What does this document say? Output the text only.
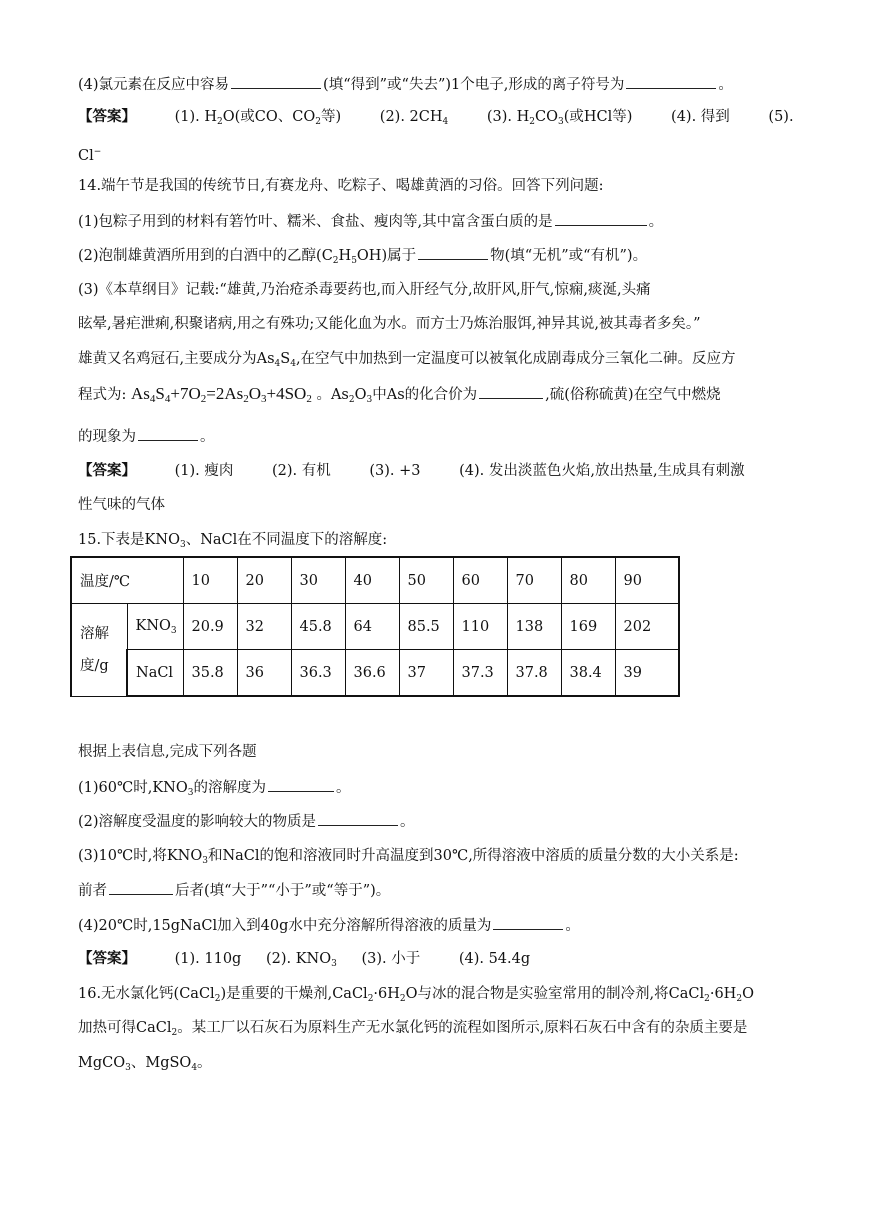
(4)氯元素在反应中容易	(填“得到”或“失去”)1个电子,形成的离子符号为	。
【答案】	(1). $H_2O$(或CO、$CO_2$等)	(2). $2CH_4$	(3). $H_2CO_3$(或HCl等)	(4). 得到	(5).
Cl−
14.端午节是我国的传统节日,有赛龙舟、吃粽子、喝雄黄酒的习俗。回答下列问题:
(1)包粽子用到的材料有箬竹叶、糯米、食盐、瘦肉等,其中富含蛋白质的是	。
(2)泡制雄黄酒所用到的白酒中的乙醇$(C_2H_5OH)$属于	物(填“无机”或“有机”)。
(3)《本草纲目》记载:“雄黄,乃治疮杀毒要药也,而入肝经气分,故肝风,肝气,惊痫,痰涎,头痛
眩晕,暑疟泄痢,积聚诸病,用之有殊功;又能化血为水。而方士乃炼治服饵,神异其说,被其毒者多矣。”
雄黄又名鸡冠石,主要成分为$As_4S_4$,在空气中加热到一定温度可以被氧化成剧毒成分三氧化二砷。反应方
程式为: $As_4S_4+7O_2=2As_2O_3+4SO_2$ 。$As_2O_3$中As的化合价为	,硫(俗称硫黄)在空气中燃烧
的现象为	。
【答案】	(1). 瘦肉	(2). 有机	(3). +3	(4). 发出淡蓝色火焰,放出热量,生成具有刺激
性气味的气体
15.下表是$KNO_3$、NaCl在不同温度下的溶解度:
温度/℃		10	20	30	40	50	60	70	80	90

溶解
度/g	$KNO_3$	20.9	32	45.8	64	85.5	110	138	169	202
	NaCl	35.8	36	36.3	36.6	37	37.3	37.8	38.4	39
根据上表信息,完成下列各题
(1)60℃时$,KNO_3$的溶解度为	。
(2)溶解度受温度的影响较大的物质是	。
(3)10℃时,将$KNO_3$和NaCl的饱和溶液同时升高温度到30℃,所得溶液中溶质的质量分数的大小关系是:
前者	后者(填“大于”“小于”或“等于”)。
(4)20℃时,15gNaCl加入到40g水中充分溶解所得溶液的质量为	。
【答案】	(1). 110g (2). $KNO_3$ (3). 小于	(4). 54.4g
16.无水氯化钙(CaCl$_2$)是重要的干燥剂$,CaCl_2\cdot 6H_2O$与冰的混合物是实验室常用的制冷剂,将$CaCl_2\cdot 6H_2O$
加热可得CaCl$_2$。某工厂以石灰石为原料生产无水氯化钙的流程如图所示,原料石灰石中含有的杂质主要是
MgCO$_3$、MgSO$_4$。
